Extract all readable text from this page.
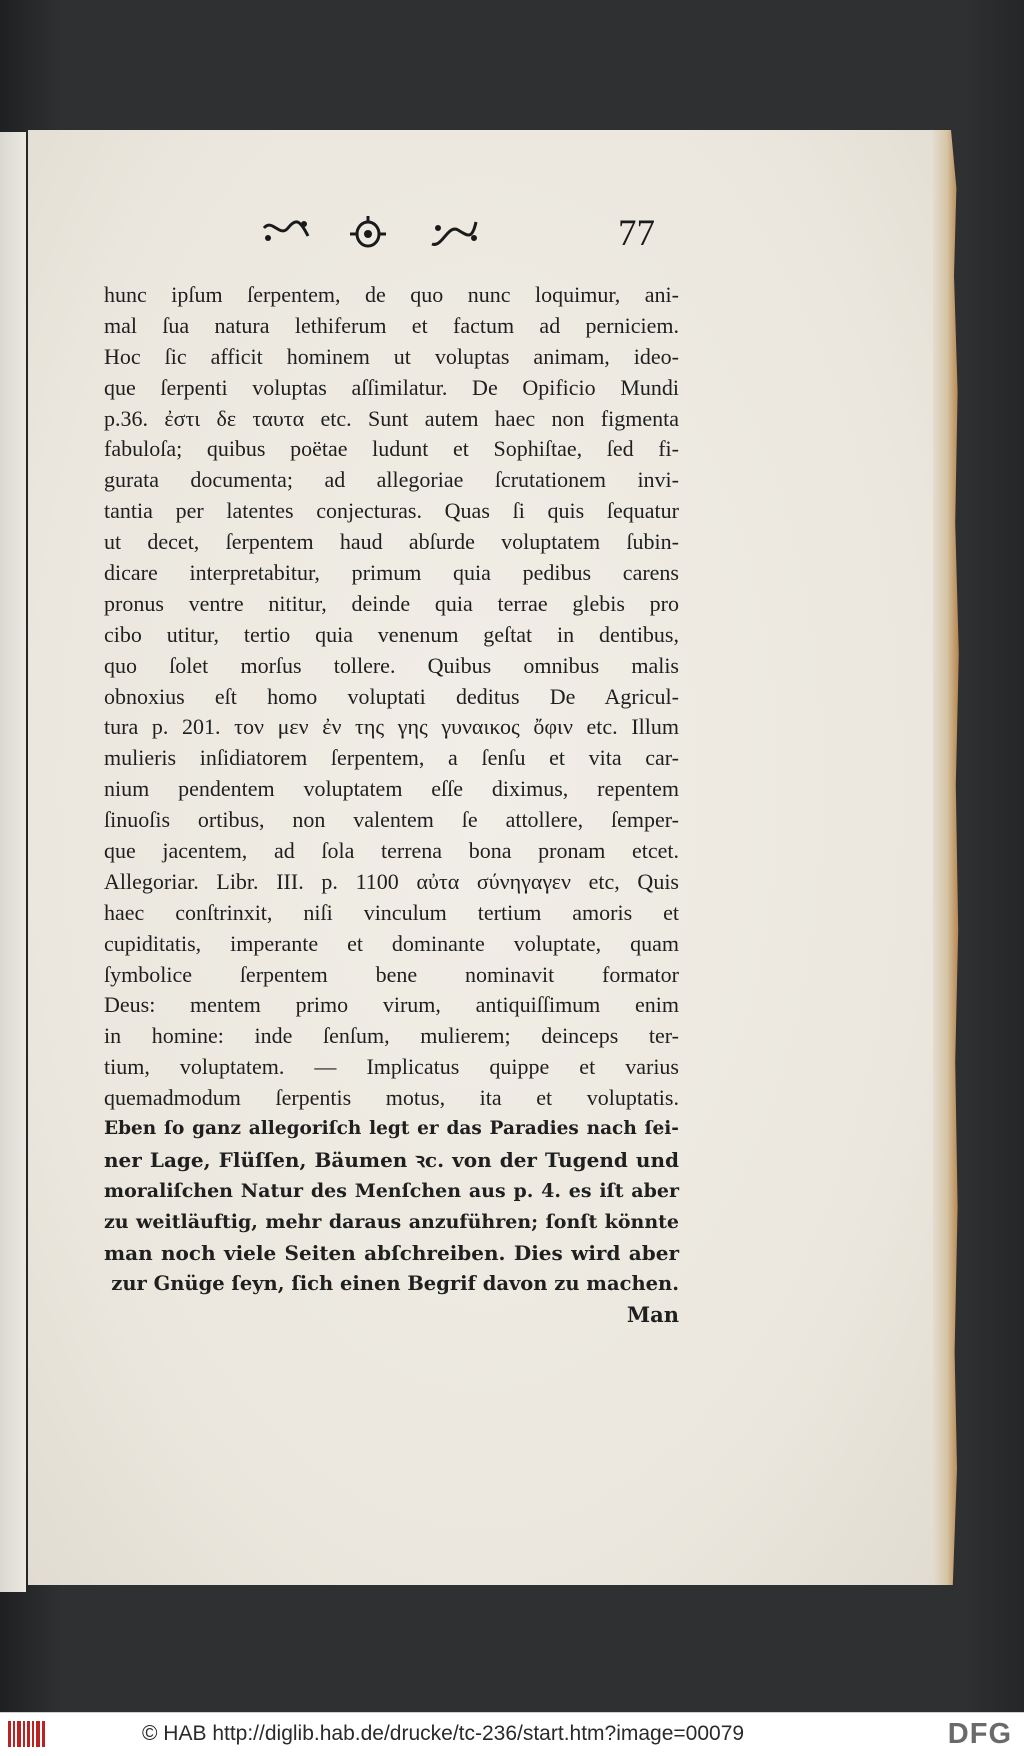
77
hunc ipſum ſerpentem, de quo nunc loquimur, ani-
mal ſua natura lethiferum et factum ad perniciem.
Hoc ſic afficit hominem ut voluptas animam, ideo-
que ſerpenti voluptas aſſimilatur. De Opificio Mundi
p.36. ἐστι δε ταυτα etc. Sunt autem haec non figmenta
fabuloſa; quibus poëtae ludunt et Sophiſtae, ſed fi-
gurata documenta; ad allegoriae ſcrutationem invi-
tantia per latentes conjecturas. Quas ſi quis ſequatur
ut decet, ſerpentem haud abſurde voluptatem ſubin-
dicare interpretabitur, primum quia pedibus carens
pronus ventre nititur, deinde quia terrae glebis pro
cibo utitur, tertio quia venenum geſtat in dentibus,
quo ſolet morſus tollere. Quibus omnibus malis
obnoxius eſt homo voluptati deditus De Agricul-
tura p. 201. τον μεν ἐν της γης γυναικος ὄφιν etc. Illum
mulieris inſidiatorem ſerpentem, a ſenſu et vita car-
nium pendentem voluptatem eſſe diximus, repentem
ſinuoſis ortibus, non valentem ſe attollere, ſemper-
que jacentem, ad ſola terrena bona pronam etcet.
Allegoriar. Libr. III. p. 1100 αὐτα σύνηγαγεν etc, Quis
haec conſtrinxit, niſi vinculum tertium amoris et
cupiditatis, imperante et dominante voluptate, quam
ſymbolice ſerpentem bene nominavit formator
Deus: mentem primo virum, antiquiſſimum enim
in homine: inde ſenſum, mulierem; deinceps ter-
tium, voluptatem. — Implicatus quippe et varius
quemadmodum ſerpentis motus, ita et voluptatis.
Eben ſo ganz allegoriſch legt er das Paradies nach ſei-
ner Lage, Flüſſen, Bäumen ꝛc. von der Tugend und
moraliſchen Natur des Menſchen aus p. 4. es iſt aber
zu weitläuftig, mehr daraus anzuführen; ſonſt könnte
man noch viele Seiten abſchreiben. Dies wird aber
zur Gnüge ſeyn, ſich einen Begrif davon zu machen.
Man
© HAB http://diglib.hab.de/drucke/tc-236/start.htm?image=00079	DFG
